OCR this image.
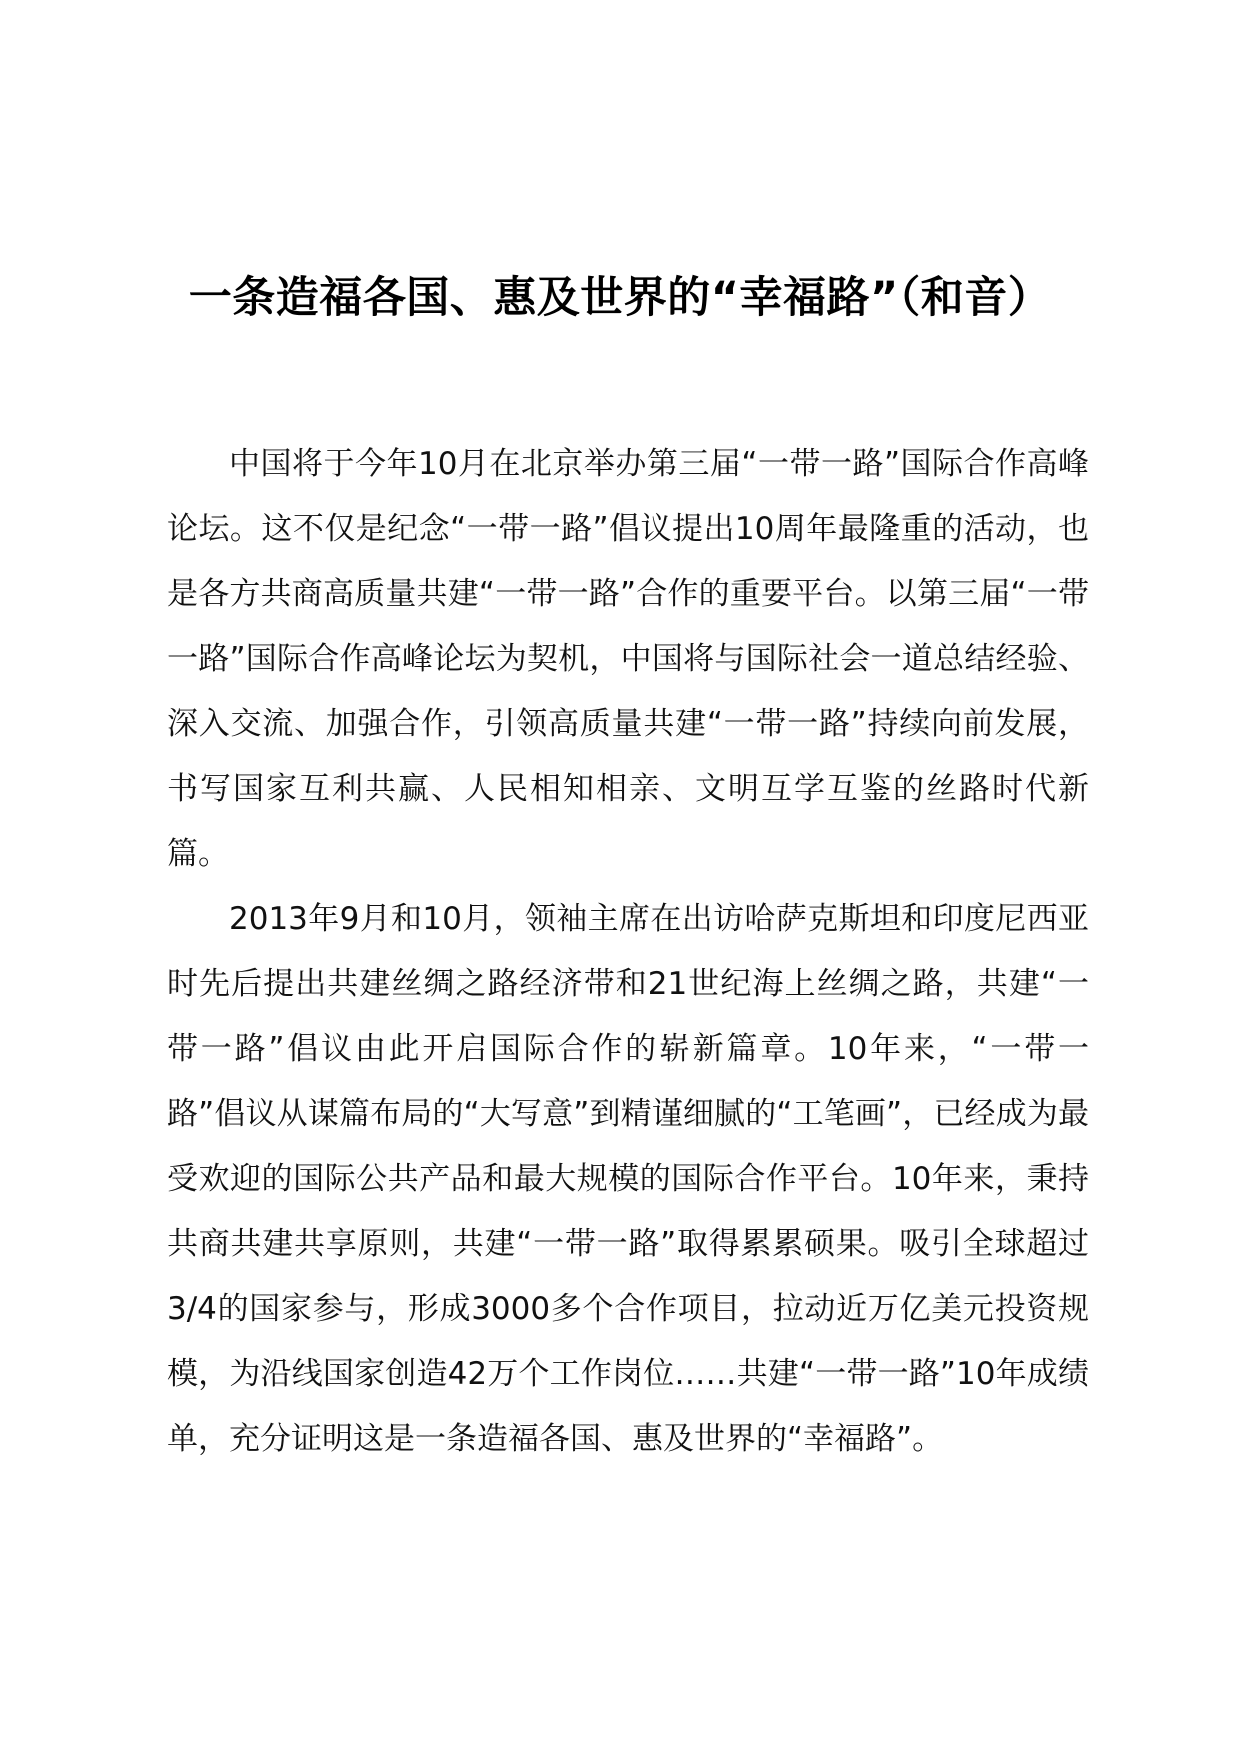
一条造福各国、惠及世界的“幸福路”（和音）

中国将于今年10月在北京举办第三届“一带一路”国际合作高峰论坛。这不仅是纪念“一带一路”倡议提出10周年最隆重的活动，也是各方共商高质量共建“一带一路”合作的重要平台。以第三届“一带一路”国际合作高峰论坛为契机，中国将与国际社会一道总结经验、深入交流、加强合作，引领高质量共建“一带一路”持续向前发展，书写国家互利共赢、人民相知相亲、文明互学互鉴的丝路时代新篇。

2013年9月和10月，领袖主席在出访哈萨克斯坦和印度尼西亚时先后提出共建丝绸之路经济带和21世纪海上丝绸之路，共建“一带一路”倡议由此开启国际合作的崭新篇章。10年来，“一带一路”倡议从谋篇布局的“大写意”到精谨细腻的“工笔画”，已经成为最受欢迎的国际公共产品和最大规模的国际合作平台。10年来，秉持共商共建共享原则，共建“一带一路”取得累累硕果。吸引全球超过3/4的国家参与，形成3000多个合作项目，拉动近万亿美元投资规模，为沿线国家创造42万个工作岗位……共建“一带一路”10年成绩单，充分证明这是一条造福各国、惠及世界的“幸福路”。
